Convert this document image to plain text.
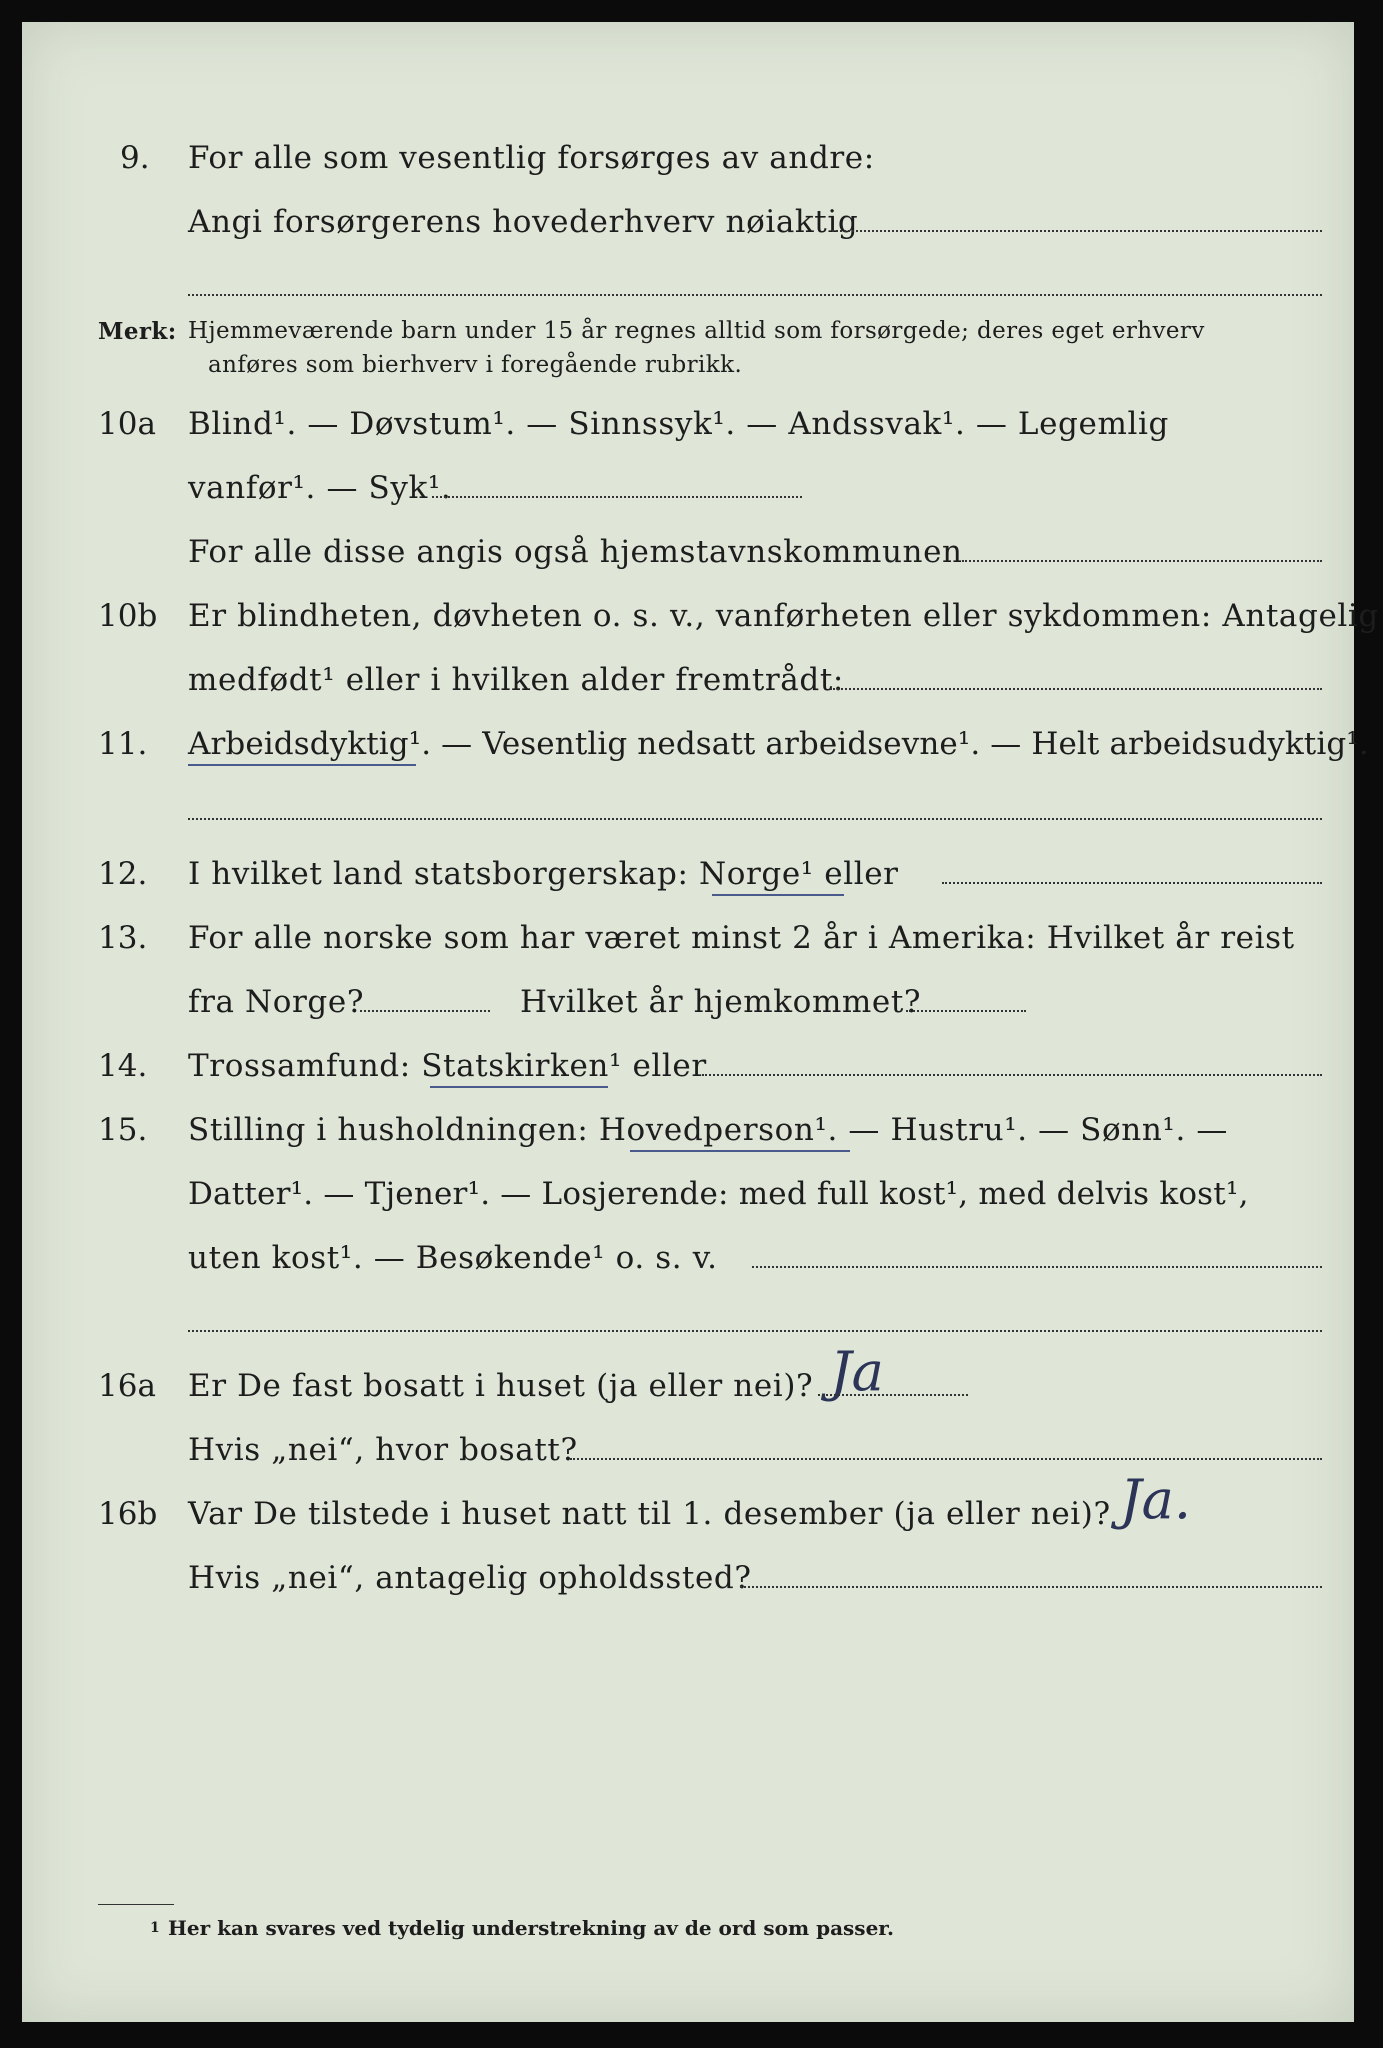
9. For alle som vesentlig forsørges av andre:
Angi forsørgerens hovederhverv nøiaktig
Merk: Hjemmeværende barn under 15 år regnes alltid som forsørgede; deres eget erhverv
anføres som bierhverv i foregående rubrikk.
10a Blind¹. — Døvstum¹. — Sinnssyk¹. — Andssvak¹. — Legemlig
vanfør¹. — Syk¹.
For alle disse angis også hjemstavnskommunen
10b Er blindheten, døvheten o. s. v., vanførheten eller sykdommen: Antagelig
medfødt¹ eller i hvilken alder fremtrådt:
11. Arbeidsdyktig¹. — Vesentlig nedsatt arbeidsevne¹. — Helt arbeidsudyktig¹.
12. I hvilket land statsborgerskap: Norge¹ eller
13. For alle norske som har været minst 2 år i Amerika: Hvilket år reist
fra Norge?	Hvilket år hjemkommet?
14. Trossamfund: Statskirken¹ eller
15. Stilling i husholdningen: Hovedperson¹. — Hustru¹. — Sønn¹. —
Datter¹. — Tjener¹. — Losjerende: med full kost¹, med delvis kost¹,
uten kost¹. — Besøkende¹ o. s. v.
16a Er De fast bosatt i huset (ja eller nei)? Ja
Hvis „nei“, hvor bosatt?
16b Var De tilstede i huset natt til 1. desember (ja eller nei)? Ja.
Hvis „nei“, antagelig opholdssted?
1 Her kan svares ved tydelig understrekning av de ord som passer.
